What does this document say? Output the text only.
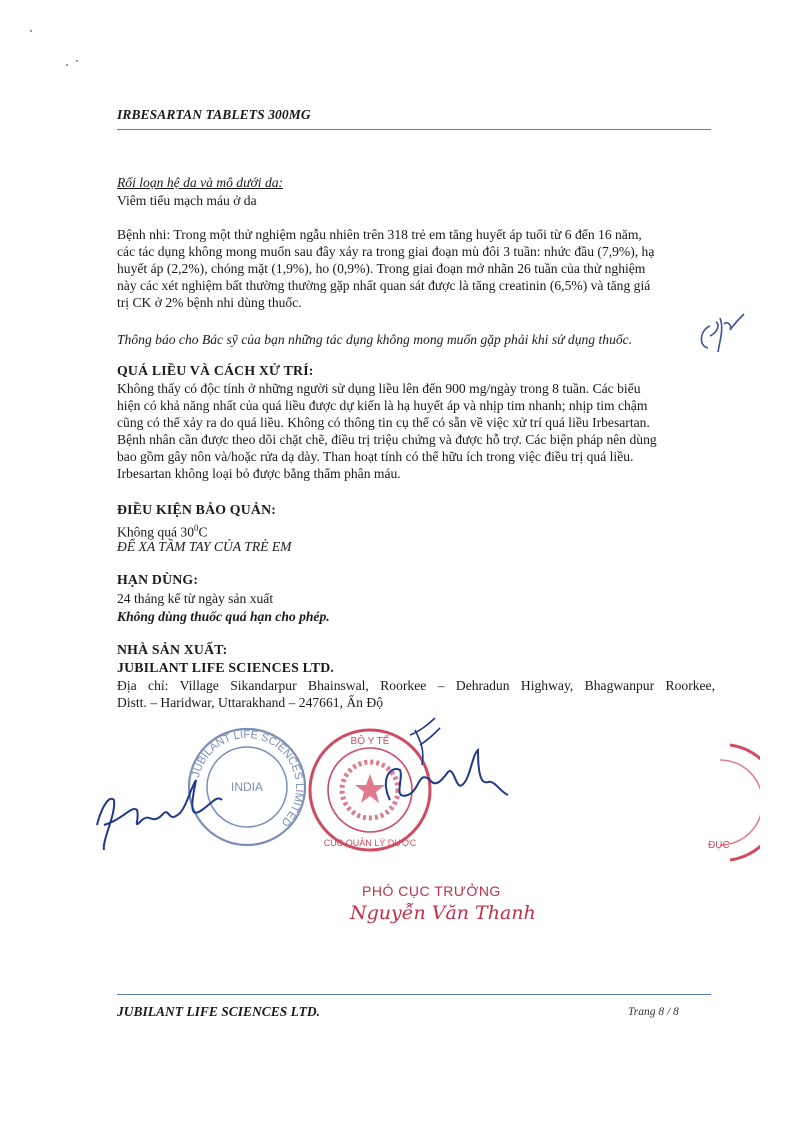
IRBESARTAN TABLETS 300MG
Rối loạn hệ da và mô dưới da:
Viêm tiểu mạch máu ở da
Bệnh nhi: Trong một thử nghiệm ngẫu nhiên trên 318 trẻ em tăng huyết áp tuổi từ 6 đến 16 năm,
các tác dụng không mong muốn sau đây xảy ra trong giai đoạn mù đôi 3 tuần: nhức đầu (7,9%), hạ
huyết áp (2,2%), chóng mặt (1,9%), ho (0,9%). Trong giai đoạn mở nhãn 26 tuần của thử nghiệm
này các xét nghiệm bất thường thường gặp nhất quan sát được là tăng creatinin (6,5%) và tăng giá
trị CK ở 2% bệnh nhi dùng thuốc.
Thông báo cho Bác sỹ của bạn những tác dụng không mong muốn gặp phải khi sử dụng thuốc.
QUÁ LIỀU VÀ CÁCH XỬ TRÍ:
Không thấy có độc tính ở những người sử dụng liều lên đến 900 mg/ngày trong 8 tuần. Các biểu
hiện có khả năng nhất của quá liều được dự kiến là hạ huyết áp và nhịp tim nhanh; nhịp tim chậm
cũng có thể xảy ra do quá liều. Không có thông tin cụ thể có sẵn về việc xử trí quá liều Irbesartan.
Bệnh nhân cần được theo dõi chặt chẽ, điều trị triệu chứng và được hỗ trợ. Các biện pháp nên dùng
bao gồm gây nôn và/hoặc rửa dạ dày. Than hoạt tính có thể hữu ích trong việc điều trị quá liều.
Irbesartan không loại bỏ được bằng thẩm phân máu.
ĐIỀU KIỆN BẢO QUẢN:
Không quá $30^0C$
ĐỂ XA TẦM TAY CỦA TRẺ EM
HẠN DÙNG:
24 tháng kể từ ngày sản xuất
Không dùng thuốc quá hạn cho phép.
NHÀ SẢN XUẤT:
JUBILANT LIFE SCIENCES LTD.
Địa chỉ: Village Sikandarpur Bhainswal, Roorkee – Dehradun Highway, Bhagwanpur Roorkee,
Distt. – Haridwar, Uttarakhand – 247661, Ấn Độ
JUBILANT LIFE SCIENCES LIMITED
INDIA
BỘ Y TẾ
CỤC QUẢN LÝ DƯỢC	ĐỤC
PHÓ CỤC TRƯỞNG
Nguyễn Văn Thanh
JUBILANT LIFE SCIENCES LTD.	Trang 8 / 8
